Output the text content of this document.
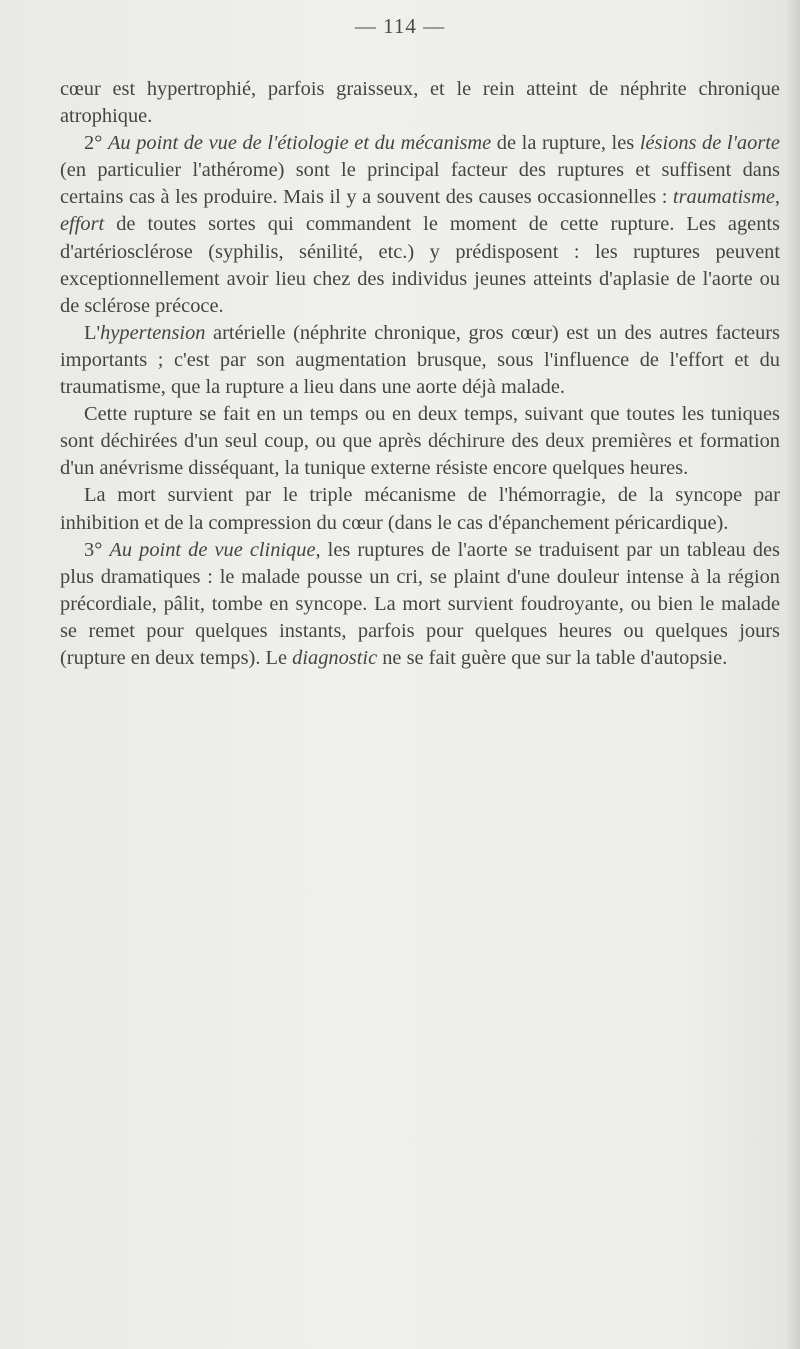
— 114 —

cœur est hypertrophié, parfois graisseux, et le rein atteint de néphrite chronique atrophique.

2° Au point de vue de l'étiologie et du mécanisme de la rupture, les lésions de l'aorte (en particulier l'athérome) sont le principal facteur des ruptures et suffisent dans certains cas à les produire. Mais il y a souvent des causes occasionnelles : traumatisme, effort de toutes sortes qui commandent le moment de cette rupture. Les agents d'artériosclérose (syphilis, sénilité, etc.) y prédisposent : les ruptures peuvent exceptionnellement avoir lieu chez des individus jeunes atteints d'aplasie de l'aorte ou de sclérose précoce.

L'hypertension artérielle (néphrite chronique, gros cœur) est un des autres facteurs importants ; c'est par son augmentation brusque, sous l'influence de l'effort et du traumatisme, que la rupture a lieu dans une aorte déjà malade.

Cette rupture se fait en un temps ou en deux temps, suivant que toutes les tuniques sont déchirées d'un seul coup, ou que après déchirure des deux premières et formation d'un anévrisme disséquant, la tunique externe résiste encore quelques heures.

La mort survient par le triple mécanisme de l'hémorragie, de la syncope par inhibition et de la compression du cœur (dans le cas d'épanchement péricardique).

3° Au point de vue clinique, les ruptures de l'aorte se traduisent par un tableau des plus dramatiques : le malade pousse un cri, se plaint d'une douleur intense à la région précordiale, pâlit, tombe en syncope. La mort survient foudroyante, ou bien le malade se remet pour quelques instants, parfois pour quelques heures ou quelques jours (rupture en deux temps). Le diagnostic ne se fait guère que sur la table d'autopsie.
